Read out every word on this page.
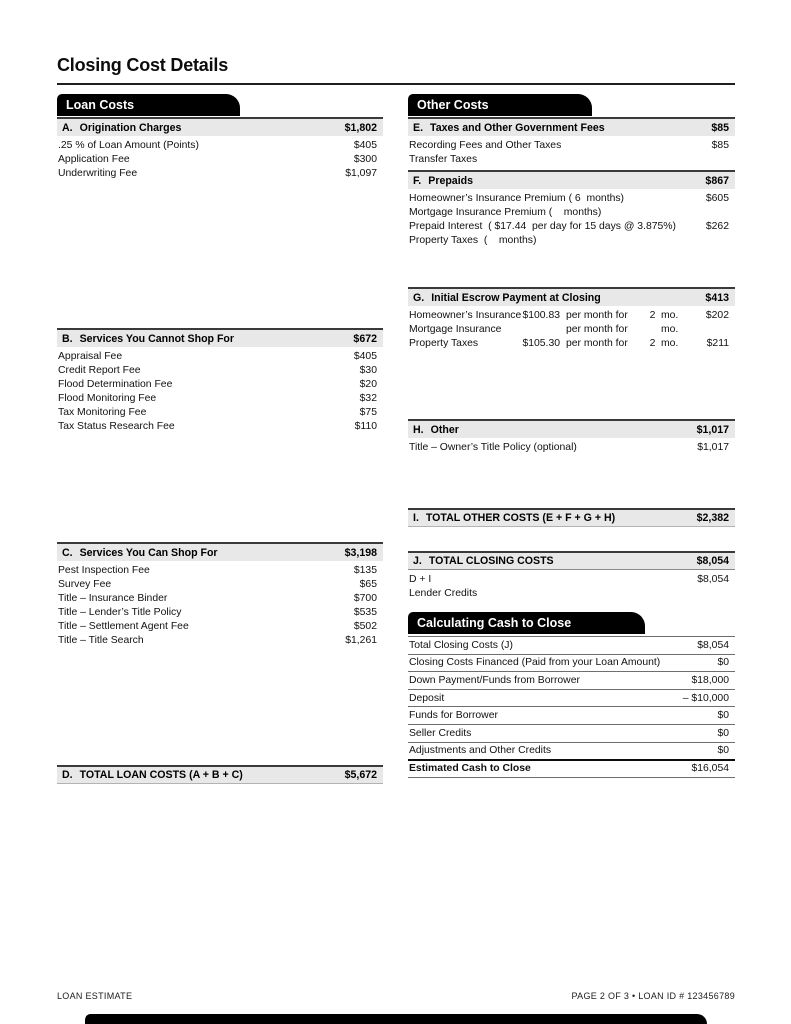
Closing Cost Details
Loan Costs
A. Origination Charges	$1,802
.25 % of Loan Amount (Points)	$405
Application Fee	$300
Underwriting Fee	$1,097
B. Services You Cannot Shop For	$672
Appraisal Fee	$405
Credit Report Fee	$30
Flood Determination Fee	$20
Flood Monitoring Fee	$32
Tax Monitoring Fee	$75
Tax Status Research Fee	$110
C. Services You Can Shop For	$3,198
Pest Inspection Fee	$135
Survey Fee	$65
Title – Insurance Binder	$700
Title – Lender’s Title Policy	$535
Title – Settlement Agent Fee	$502
Title – Title Search	$1,261
D. TOTAL LOAN COSTS (A + B + C)	$5,672
Other Costs
E. Taxes and Other Government Fees	$85
Recording Fees and Other Taxes	$85
Transfer Taxes
F. Prepaids	$867
Homeowner’s Insurance Premium ( 6  months)	$605
Mortgage Insurance Premium (    months)
Prepaid Interest  ( $17.44  per day for 15 days @ 3.875%)	$262
Property Taxes  (    months)
G. Initial Escrow Payment at Closing	$413
Homeowner’s Insurance $100.83 per month for	2 mo.	$202
Mortgage Insurance	per month for	mo.
Property Taxes	$105.30 per month for	2 mo.	$211
H. Other	$1,017
Title – Owner’s Title Policy (optional)	$1,017
I. TOTAL OTHER COSTS (E + F + G + H)	$2,382
J. TOTAL CLOSING COSTS	$8,054
D + I	$8,054
Lender Credits
Calculating Cash to Close
Total Closing Costs (J)	$8,054
Closing Costs Financed (Paid from your Loan Amount)	$0
Down Payment/Funds from Borrower	$18,000
Deposit	– $10,000
Funds for Borrower	$0
Seller Credits	$0
Adjustments and Other Credits	$0
Estimated Cash to Close	$16,054
LOAN ESTIMATE	PAGE 2 OF 3 • LOAN ID # 123456789
